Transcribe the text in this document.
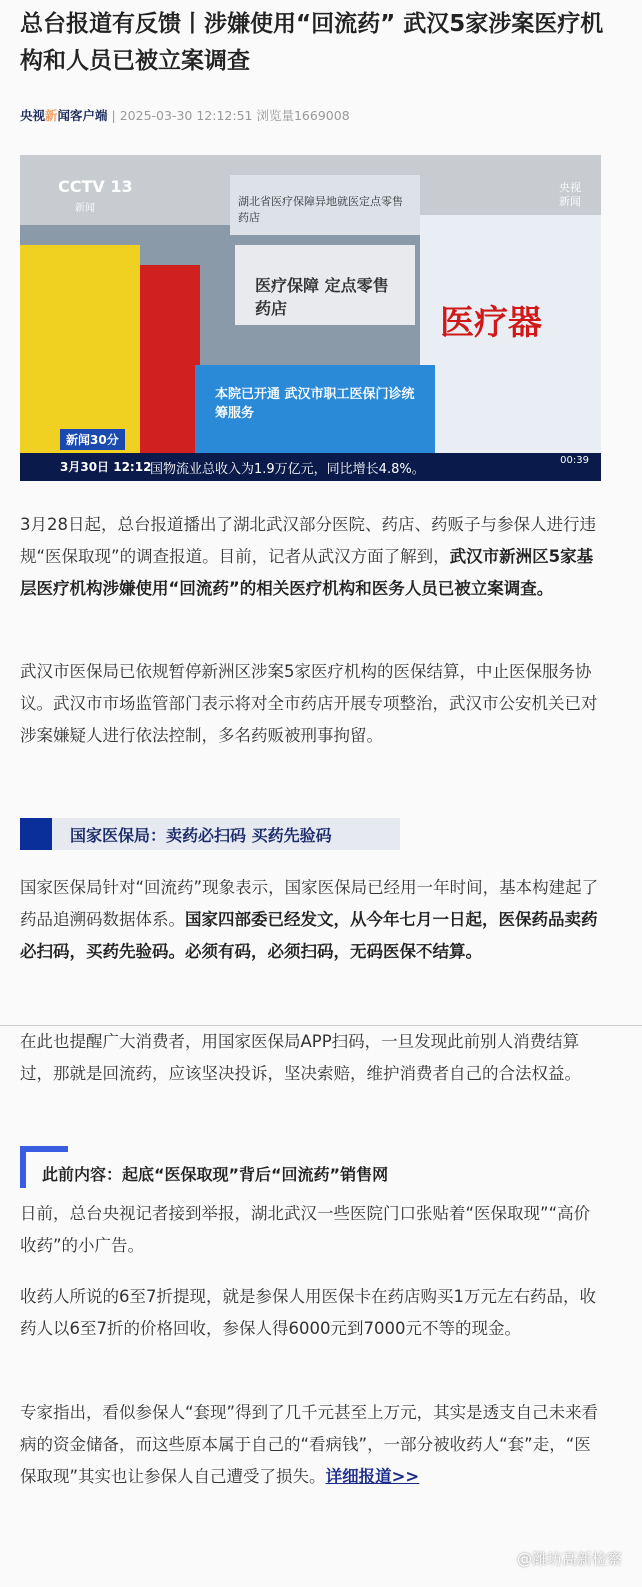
总台报道有反馈丨涉嫌使用“回流药” 武汉5家涉案医疗机构和人员已被立案调查
央视新闻客户端 | 2025-03-30 12:12:51 浏览量1669008
医疗器
湖北省医疗保障异地就医定点零售药店
医疗保障 定点零售药店
本院已开通 武汉市职工医保门诊统筹服务
CCTV 13
新闻
央视新闻
新闻30分
3月30日 12:12
国物流业总收入为1.9万亿元，同比增长4.8%。
00:39
3月28日起，总台报道播出了湖北武汉部分医院、药店、药贩子与参保人进行违规“医保取现”的调查报道。目前，记者从武汉方面了解到，武汉市新洲区5家基层医疗机构涉嫌使用“回流药”的相关医疗机构和医务人员已被立案调查。
武汉市医保局已依规暂停新洲区涉案5家医疗机构的医保结算，中止医保服务协议。武汉市市场监管部门表示将对全市药店开展专项整治，武汉市公安机关已对涉案嫌疑人进行依法控制，多名药贩被刑事拘留。
国家医保局：卖药必扫码 买药先验码
国家医保局针对“回流药”现象表示，国家医保局已经用一年时间，基本构建起了药品追溯码数据体系。国家四部委已经发文，从今年七月一日起，医保药品卖药必扫码，买药先验码。必须有码，必须扫码，无码医保不结算。
在此也提醒广大消费者，用国家医保局APP扫码，一旦发现此前别人消费结算过，那就是回流药，应该坚决投诉，坚决索赔，维护消费者自己的合法权益。
此前内容：起底“医保取现”背后“回流药”销售网
日前，总台央视记者接到举报，湖北武汉一些医院门口张贴着“医保取现”“高价收药”的小广告。
收药人所说的6至7折提现，就是参保人用医保卡在药店购买1万元左右药品，收药人以6至7折的价格回收，参保人得6000元到7000元不等的现金。
专家指出，看似参保人“套现”得到了几千元甚至上万元，其实是透支自己未来看病的资金储备，而这些原本属于自己的“看病钱”，一部分被收药人“套”走，“医保取现”其实也让参保人自己遭受了损失。详细报道>>
@潍坊高新检察
